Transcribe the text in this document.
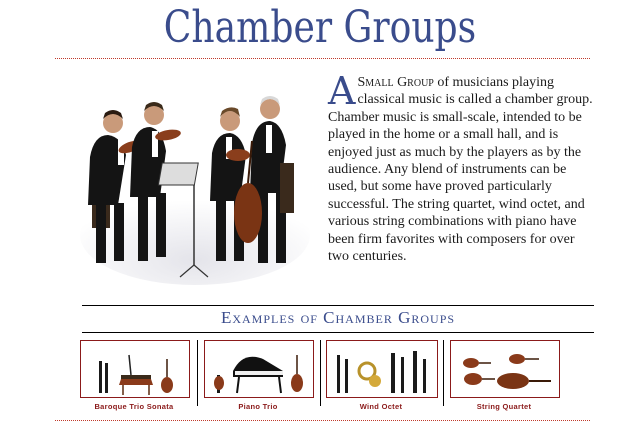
Chamber Groups
A Small Group of musicians playing classical music is called a chamber group. Chamber music is small-scale, intended to be played in the home or a small hall, and is enjoyed just as much by the players as by the audience. Any blend of instruments can be used, but some have proved particularly successful. The string quartet, wind octet, and various string combinations with piano have been firm favorites with composers for over two centuries.
Examples of Chamber Groups
Baroque Trio Sonata	Piano Trio	Wind Octet	String Quartet
